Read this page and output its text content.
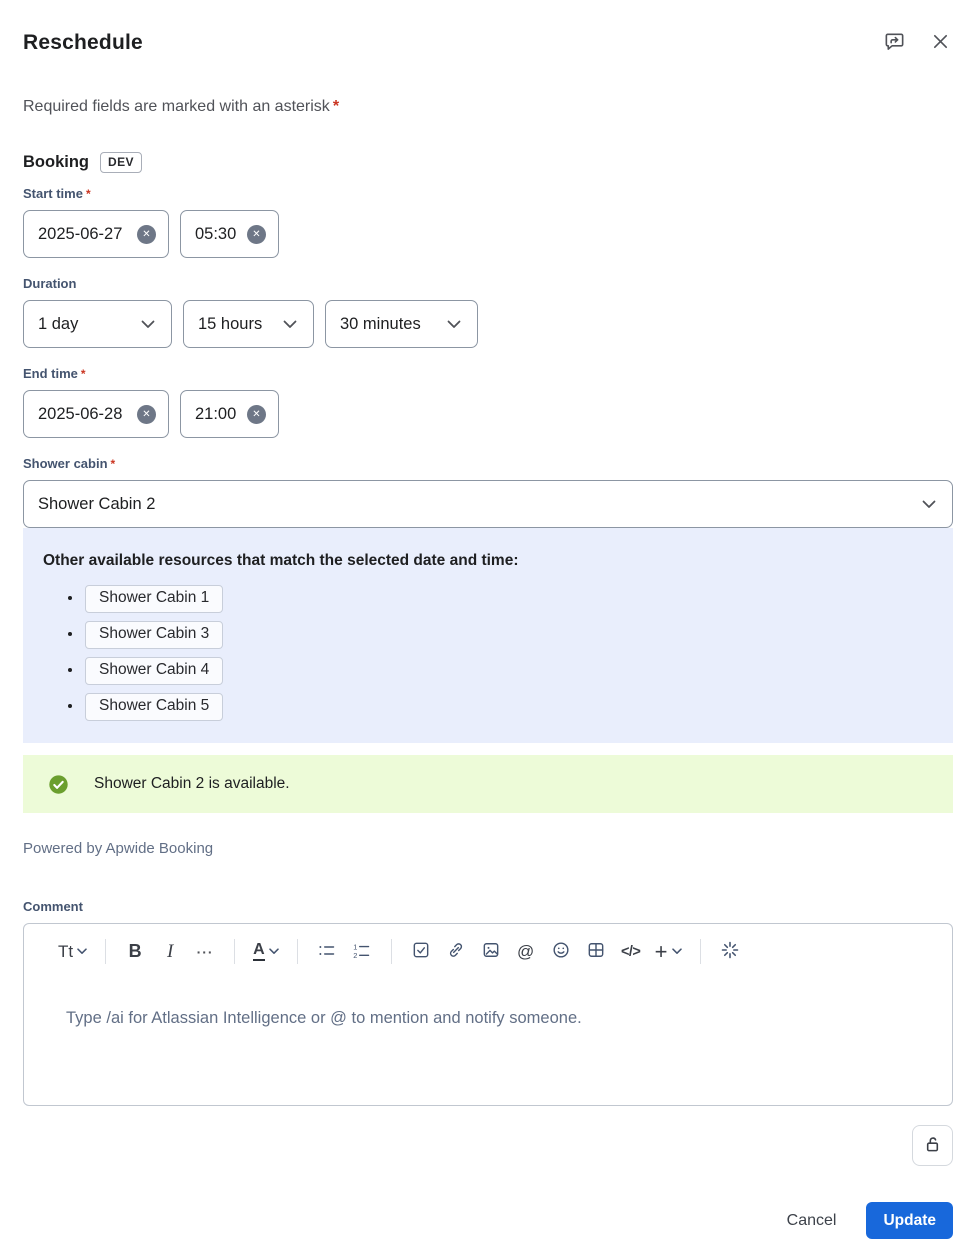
Reschedule
Required fields are marked with an asterisk *
Booking	DEV
Start time *
2025-06-27 ✕	05:30 ✕
Duration
1 day	15 hours	30 minutes
End time *
2025-06-28 ✕	21:00 ✕
Shower cabin *
Shower Cabin 2
Other available resources that match the selected date and time:
• Shower Cabin 1
• Shower Cabin 3
• Shower Cabin 4
• Shower Cabin 5
Shower Cabin 2 is available.
Powered by Apwide Booking
Comment
Tt	B I ··· A	1
2	@	</> +
Type /ai for Atlassian Intelligence or @ to mention and notify someone.
Cancel	Update
